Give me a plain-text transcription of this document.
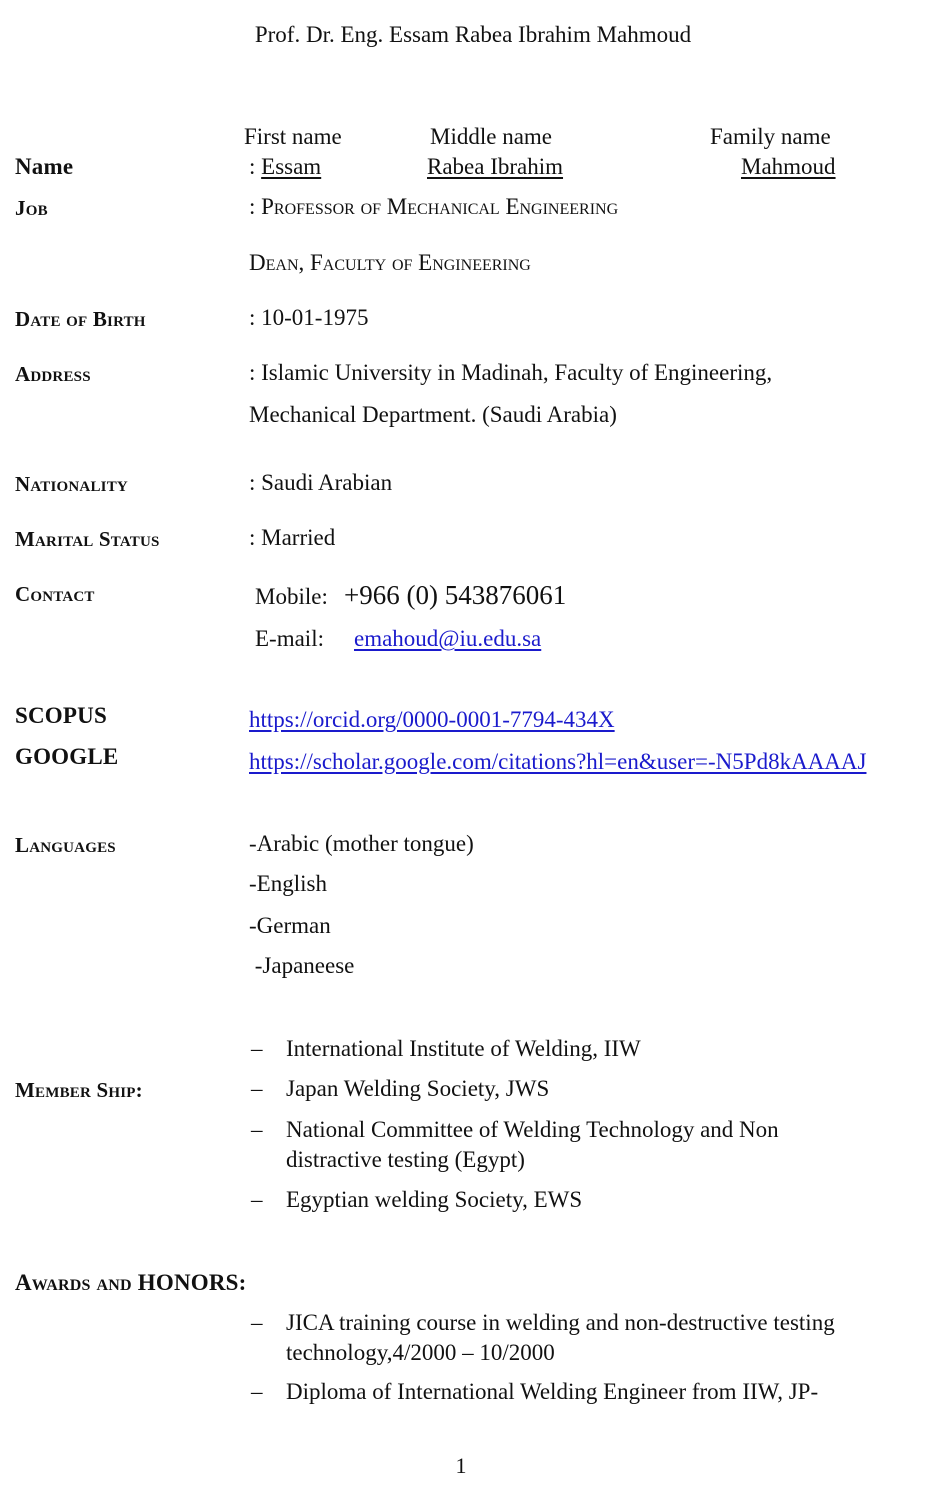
Prof. Dr. Eng. Essam Rabea Ibrahim Mahmoud
First name	Middle name	Family name
Name	: Essam	Rabea Ibrahim	Mahmoud
Job	: Professor of Mechanical Engineering
Dean, Faculty of Engineering
Date of Birth	: 10-01-1975
Address	: Islamic University in Madinah, Faculty of Engineering,
Mechanical Department. (Saudi Arabia)
Nationality	: Saudi Arabian
Marital Status	: Married
Contact	Mobile: +966 (0) 543876061
E-mail: emahoud@iu.edu.sa
SCOPUS	https://orcid.org/0000-0001-7794-434X
GOOGLE	https://scholar.google.com/citations?hl=en&user=-N5Pd8kAAAAJ
Languages	-Arabic (mother tongue)
-English
-German
-Japaneese
Member Ship:
– International Institute of Welding, IIW
– Japan Welding Society, JWS
– National Committee of Welding Technology and Non distractive testing (Egypt)
– Egyptian welding Society, EWS
Awards and HONORS:
– JICA training course in welding and non-destructive testing technology,4/2000 – 10/2000
– Diploma of International Welding Engineer from IIW, JP-
1
